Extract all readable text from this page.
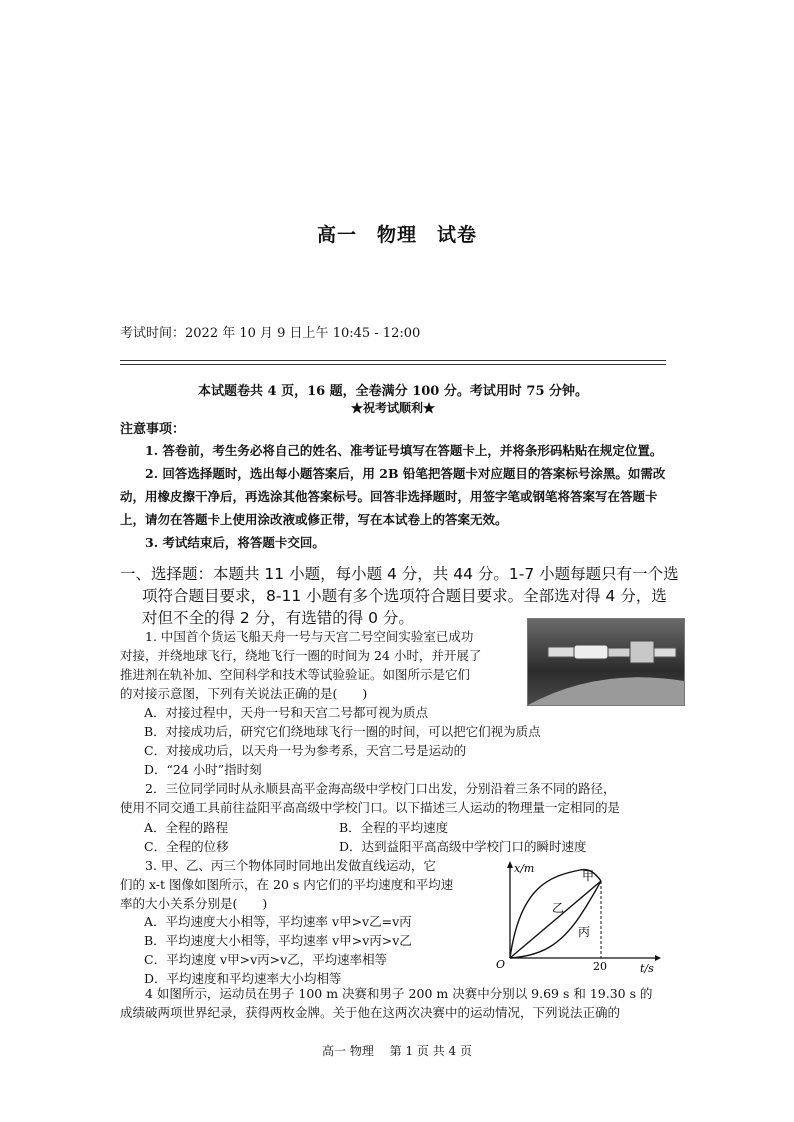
高一　物理　试卷
考试时间：2022 年 10 月 9 日上午 10:45 - 12:00
本试题卷共 4 页，16 题，全卷满分 100 分。考试用时 75 分钟。
★祝考试顺利★
注意事项：

1. 答卷前，考生务必将自己的姓名、准考证号填写在答题卡上，并将条形码粘贴在规定位置。

2. 回答选择题时，选出每小题答案后，用 2B 铅笔把答题卡对应题目的答案标号涂黑。如需改动，用橡皮擦干净后，再选涂其他答案标号。回答非选择题时，用签字笔或钢笔将答案写在答题卡上，请勿在答题卡上使用涂改液或修正带，写在本试卷上的答案无效。

3. 考试结束后，将答题卡交回。

一、选择题：本题共 11 小题，每小题 4 分，共 44 分。1-7 小题每题只有一个选
项符合题目要求，8-11 小题有多个选项符合题目要求。全部选对得 4 分，选
对但不全的得 2 分，有选错的得 0 分。
1. 中国首个货运飞船天舟一号与天宫二号空间实验室已成功
对接，并绕地球飞行，绕地飞行一圈的时间为 24 小时，并开展了
推进剂在轨补加、空间科学和技术等试验验证。如图所示是它们
的对接示意图，下列有关说法正确的是(　　)
A．对接过程中，天舟一号和天宫二号都可视为质点
B．对接成功后，研究它们绕地球飞行一圈的时间，可以把它们视为质点
C．对接成功后，以天舟一号为参考系，天宫二号是运动的
D．“24 小时”指时刻
2．三位同学同时从永顺县高平金海高级中学校门口出发，分别沿着三条不同的路径，
使用不同交通工具前往益阳平高高级中学校门口。以下描述三人运动的物理量一定相同的是
A．全程的路程	B．全程的平均速度
C．全程的位移	D．达到益阳平高高级中学校门口的瞬时速度
3. 甲、乙、丙三个物体同时同地出发做直线运动，它
们的 x-t 图像如图所示，在 20 s 内它们的平均速度和平均速
率的大小关系分别是(　　)
A．平均速度大小相等，平均速率 v甲>v乙=v丙
B．平均速度大小相等，平均速率 v甲>v丙>v乙
C．平均速度 v甲>v丙>v乙，平均速率相等
D．平均速度和平均速率大小均相等
x/m
t/s
O	20
甲
乙
丙
4 如图所示，运动员在男子 100 m 决赛和男子 200 m 决赛中分别以 9.69 s 和 19.30 s 的
成绩破两项世界纪录，获得两枚金牌。关于他在这两次决赛中的运动情况，下列说法正确的
高一 物理　 第 1 页 共 4 页
